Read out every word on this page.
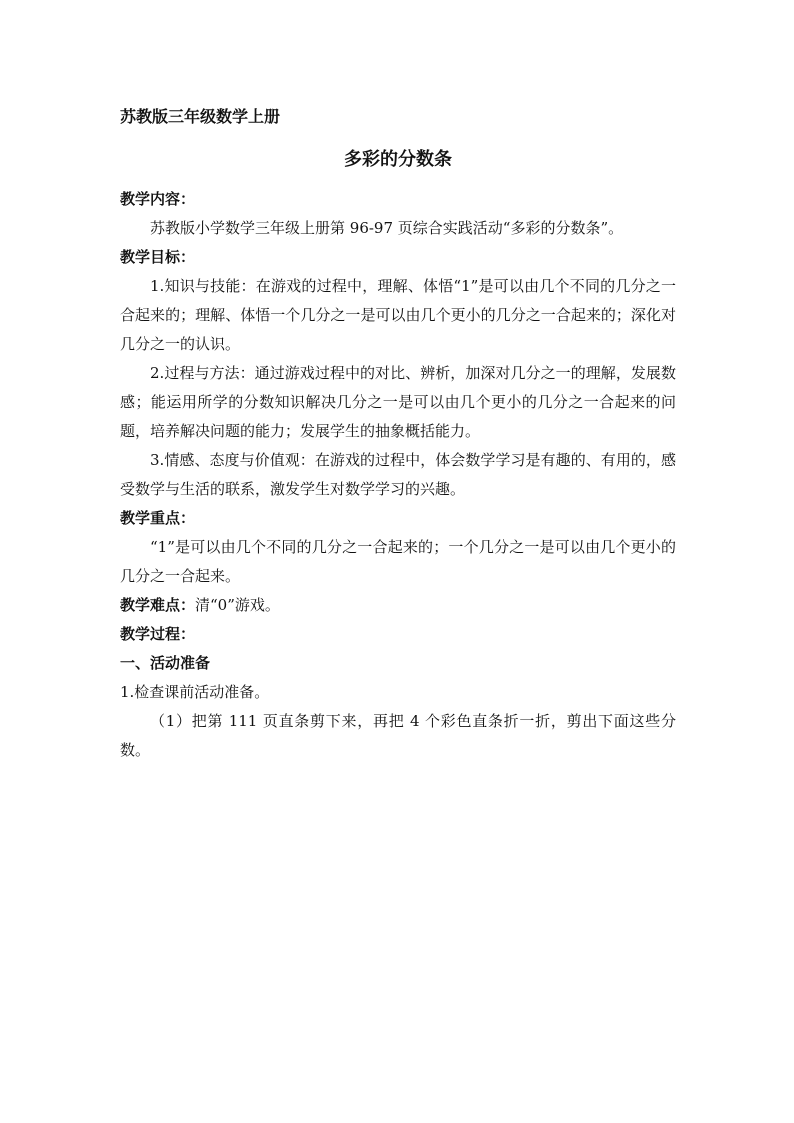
苏教版三年级数学上册

多彩的分数条

教学内容：

苏教版小学数学三年级上册第 96-97 页综合实践活动“多彩的分数条”。

教学目标：

1.知识与技能：在游戏的过程中，理解、体悟“1”是可以由几个不同的几分之一合起来的；理解、体悟一个几分之一是可以由几个更小的几分之一合起来的；深化对几分之一的认识。

2.过程与方法：通过游戏过程中的对比、辨析，加深对几分之一的理解，发展数感；能运用所学的分数知识解决几分之一是可以由几个更小的几分之一合起来的问题，培养解决问题的能力；发展学生的抽象概括能力。

3.情感、态度与价值观：在游戏的过程中，体会数学学习是有趣的、有用的，感受数学与生活的联系，激发学生对数学学习的兴趣。

教学重点：

“1”是可以由几个不同的几分之一合起来的；一个几分之一是可以由几个更小的几分之一合起来。

教学难点：清“0”游戏。

教学过程：

一、活动准备

1.检查课前活动准备。

（1）把第 111 页直条剪下来，再把 4 个彩色直条折一折，剪出下面这些分数。
